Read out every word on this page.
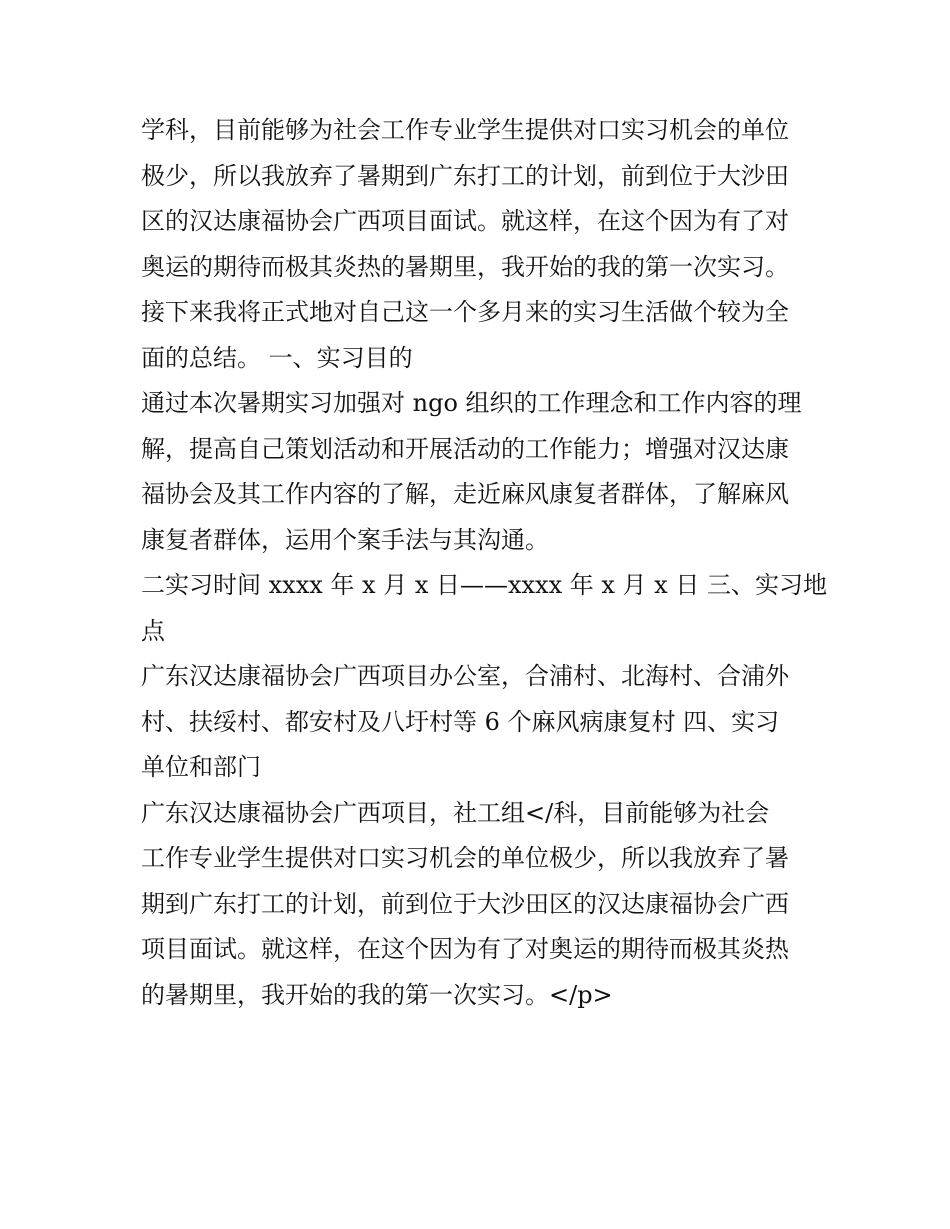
学科，目前能够为社会工作专业学生提供对口实习机会的单位
极少，所以我放弃了暑期到广东打工的计划，前到位于大沙田
区的汉达康福协会广西项目面试。就这样，在这个因为有了对
奥运的期待而极其炎热的暑期里，我开始的我的第一次实习。
接下来我将正式地对自己这一个多月来的实习生活做个较为全
面的总结。 一、实习目的
通过本次暑期实习加强对 ngo 组织的工作理念和工作内容的理
解，提高自己策划活动和开展活动的工作能力；增强对汉达康
福协会及其工作内容的了解，走近麻风康复者群体，了解麻风
康复者群体，运用个案手法与其沟通。
二实习时间 xxxx 年 x 月 x 日——xxxx 年 x 月 x 日 三、实习地
点
广东汉达康福协会广西项目办公室，合浦村、北海村、合浦外
村、扶绥村、都安村及八圩村等 6 个麻风病康复村 四、实习
单位和部门
广东汉达康福协会广西项目，社工组</科，目前能够为社会
工作专业学生提供对口实习机会的单位极少，所以我放弃了暑
期到广东打工的计划，前到位于大沙田区的汉达康福协会广西
项目面试。就这样，在这个因为有了对奥运的期待而极其炎热
的暑期里，我开始的我的第一次实习。</p>
